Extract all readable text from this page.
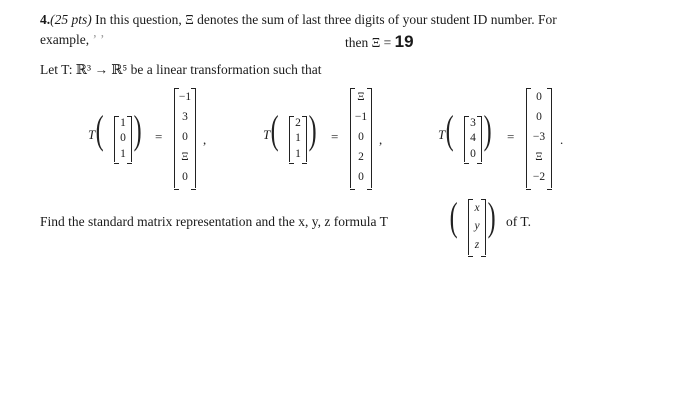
4.(25 pts) In this question, Ξ denotes the sum of last three digits of your student ID number. For
example, ʼʼ	then Ξ = 19
Let T: ℝ³ → ℝ⁵ be a linear transformation such that
T ( 1
0
1
) =
−1
3
0
Ξ
0
,	T ( 2
1
1
) =
Ξ
−1
0
2
0
,	T ( 3
4
0
) =
0
0
−3
Ξ
−2
.
Find the standard matrix representation and the x, y, z formula T ( x
y
z
) of T.
